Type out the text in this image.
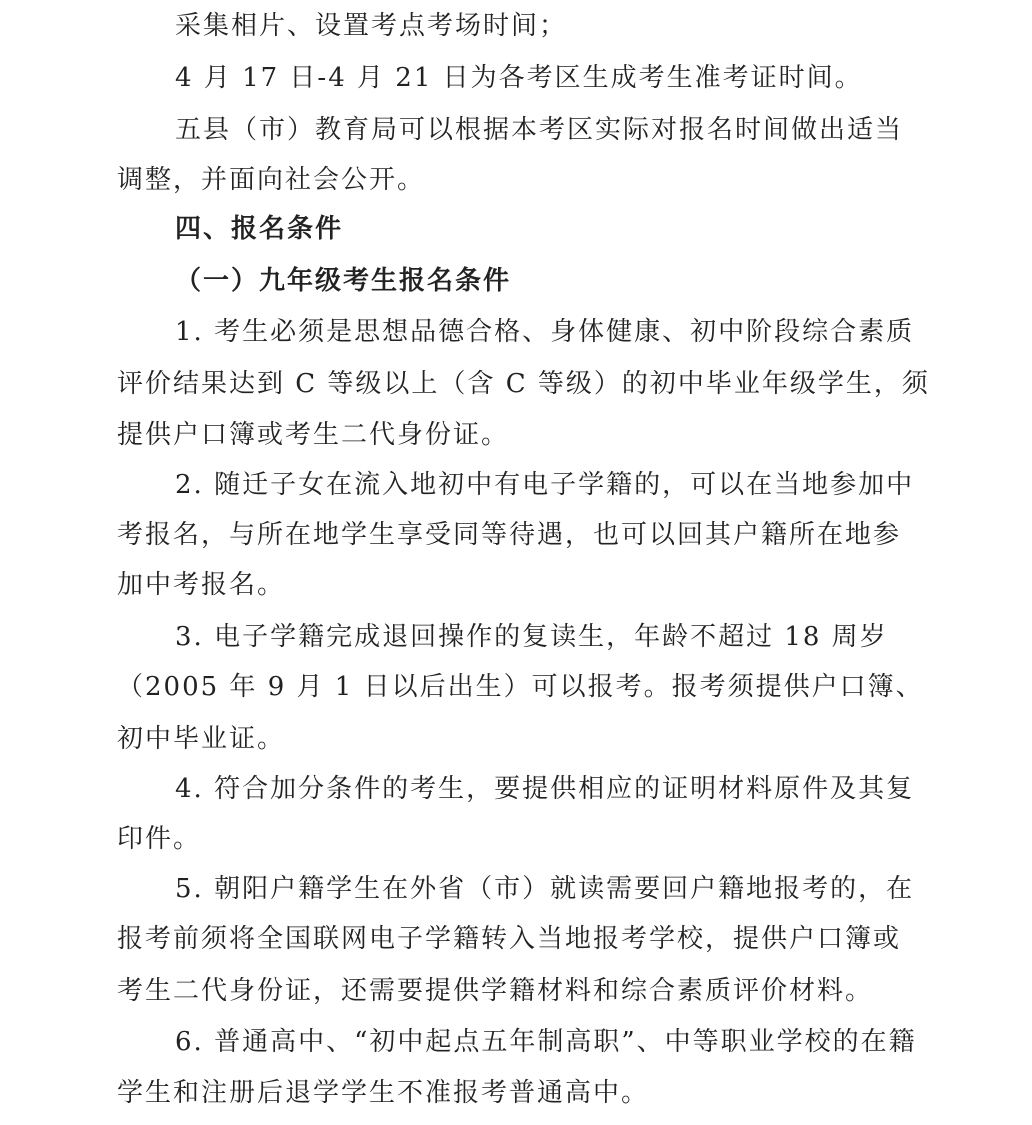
采集相片、设置考点考场时间；
4 月 17 日-4 月 21 日为各考区生成考生准考证时间。
五县（市）教育局可以根据本考区实际对报名时间做出适当
调整，并面向社会公开。
四、报名条件
（一）九年级考生报名条件
1. 考生必须是思想品德合格、身体健康、初中阶段综合素质
评价结果达到 C 等级以上（含 C 等级）的初中毕业年级学生，须
提供户口簿或考生二代身份证。
2. 随迁子女在流入地初中有电子学籍的，可以在当地参加中
考报名，与所在地学生享受同等待遇，也可以回其户籍所在地参
加中考报名。
3. 电子学籍完成退回操作的复读生，年龄不超过 18 周岁
（2005 年 9 月 1 日以后出生）可以报考。报考须提供户口簿、
初中毕业证。
4. 符合加分条件的考生，要提供相应的证明材料原件及其复
印件。
5. 朝阳户籍学生在外省（市）就读需要回户籍地报考的，在
报考前须将全国联网电子学籍转入当地报考学校，提供户口簿或
考生二代身份证，还需要提供学籍材料和综合素质评价材料。
6. 普通高中、“初中起点五年制高职”、中等职业学校的在籍
学生和注册后退学学生不准报考普通高中。
